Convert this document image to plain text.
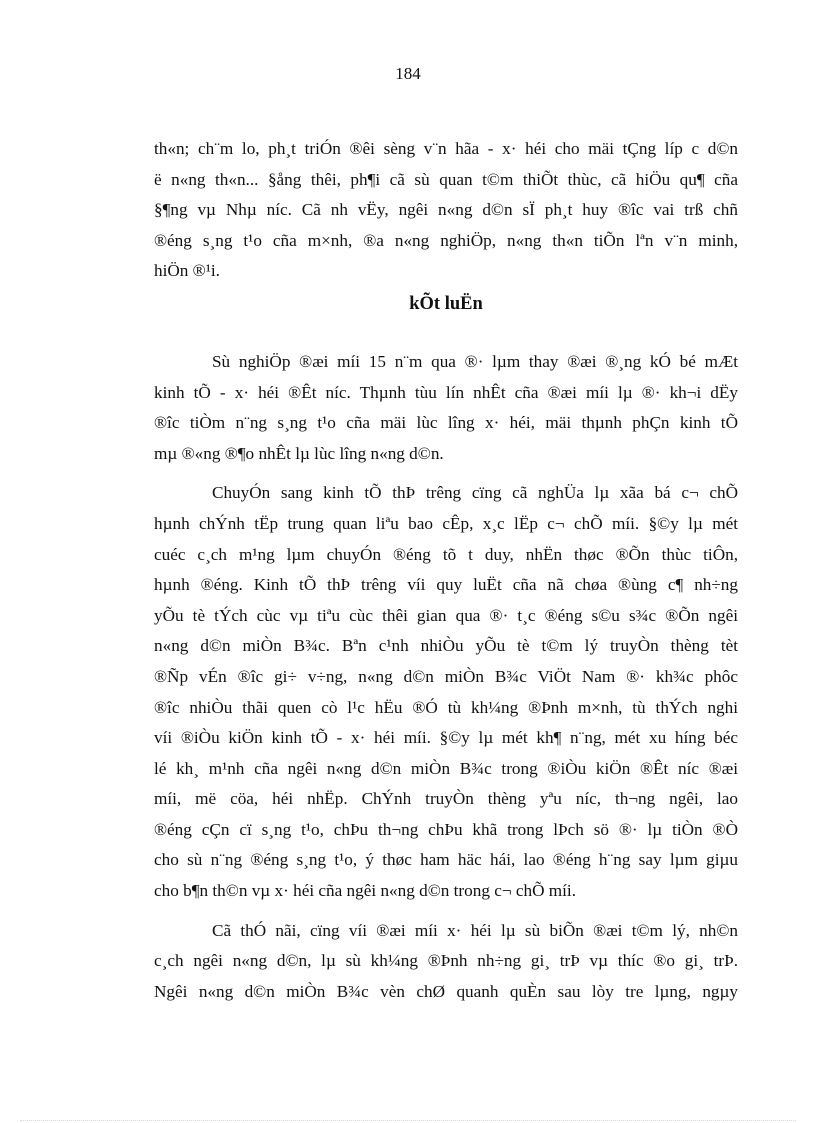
184

th«n; ch¨m lo, ph¸t triÓn ®êi sèng v¨n hãa - x· héi cho mäi tÇng líp c d©n
ë n«ng th«n... §ång thêi, ph¶i cã sù quan t©m thiÕt thùc, cã hiÖu qu¶ cña
§¶ng vµ Nhµ níc. Cã nh vËy, ngêi n«ng d©n sÏ ph¸t huy ®îc vai trß chñ
®éng s¸ng t¹o cña m×nh, ®a n«ng nghiÖp, n«ng th«n tiÕn lªn v¨n minh,
hiÖn ®¹i.

kÕt luËn

Sù nghiÖp ®æi míi 15 n¨m qua ®· lµm thay ®æi ®¸ng kÓ bé mÆt
kinh tÕ - x· héi ®Êt níc. Thµnh tùu lín nhÊt cña ®æi míi lµ ®· kh¬i dËy
®îc tiÒm n¨ng s¸ng t¹o cña mäi lùc lîng x· héi, mäi thµnh phÇn kinh tÕ
mµ ®«ng ®¶o nhÊt lµ lùc lîng n«ng d©n.

ChuyÓn sang kinh tÕ thÞ trêng cïng cã nghÜa lµ xãa bá c¬ chÕ
hµnh chÝnh tËp trung quan liªu bao cÊp, x¸c lËp c¬ chÕ míi. §©y lµ mét
cuéc c¸ch m¹ng lµm chuyÓn ®éng tõ t duy, nhËn thøc ®Õn thùc tiÔn,
hµnh ®éng. Kinh tÕ thÞ trêng víi quy luËt cña nã chøa ®ùng c¶ nh÷ng
yÕu tè tÝch cùc vµ tiªu cùc thêi gian qua ®· t¸c ®éng s©u s¾c ®Õn ngêi
n«ng d©n miÒn B¾c. Bªn c¹nh nhiÒu yÕu tè t©m lý truyÒn thèng tèt
®Ñp vÉn ®îc gi÷ v÷ng, n«ng d©n miÒn B¾c ViÖt Nam ®· kh¾c phôc
®îc nhiÒu thãi quen cò l¹c hËu ®Ó tù kh¼ng ®Þnh m×nh, tù thÝch nghi
víi ®iÒu kiÖn kinh tÕ - x· héi míi. §©y lµ mét kh¶ n¨ng, mét xu híng béc
lé kh¸ m¹nh cña ngêi n«ng d©n miÒn B¾c trong ®iÒu kiÖn ®Êt níc ®æi
míi, më cöa, héi nhËp. ChÝnh truyÒn thèng yªu níc, th¬ng ngêi, lao
®éng cÇn cï s¸ng t¹o, chÞu th¬ng chÞu khã trong lÞch sö ®· lµ tiÒn ®Ò
cho sù n¨ng ®éng s¸ng t¹o, ý thøc ham häc hái, lao ®éng h¨ng say lµm giµu
cho b¶n th©n vµ x· héi cña ngêi n«ng d©n trong c¬ chÕ míi.

Cã thÓ nãi, cïng víi ®æi míi x· héi lµ sù biÕn ®æi t©m lý, nh©n
c¸ch ngêi n«ng d©n, lµ sù kh¼ng ®Þnh nh÷ng gi¸ trÞ vµ thíc ®o gi¸ trÞ.
Ngêi n«ng d©n miÒn B¾c vèn chØ quanh quÈn sau lòy tre lµng, ngµy
